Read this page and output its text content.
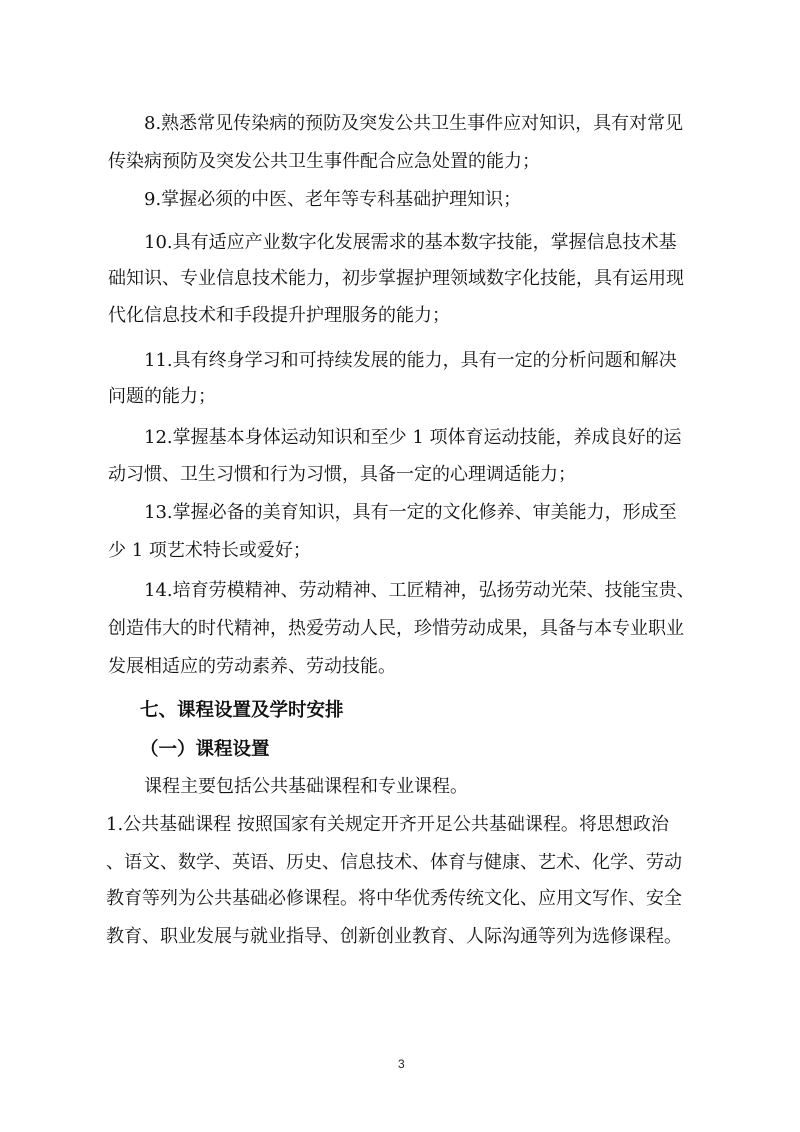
8.熟悉常见传染病的预防及突发公共卫生事件应对知识，具有对常见
传染病预防及突发公共卫生事件配合应急处置的能力；
9.掌握必须的中医、老年等专科基础护理知识；
10.具有适应产业数字化发展需求的基本数字技能，掌握信息技术基
础知识、专业信息技术能力，初步掌握护理领域数字化技能，具有运用现
代化信息技术和手段提升护理服务的能力；
11.具有终身学习和可持续发展的能力，具有一定的分析问题和解决
问题的能力；
12.掌握基本身体运动知识和至少 1 项体育运动技能，养成良好的运
动习惯、卫生习惯和行为习惯，具备一定的心理调适能力；
13.掌握必备的美育知识，具有一定的文化修养、审美能力，形成至
少 1 项艺术特长或爱好；
14.培育劳模精神、劳动精神、工匠精神，弘扬劳动光荣、技能宝贵、
创造伟大的时代精神，热爱劳动人民，珍惜劳动成果，具备与本专业职业
发展相适应的劳动素养、劳动技能。
七、课程设置及学时安排
（一）课程设置
课程主要包括公共基础课程和专业课程。
1.公共基础课程 按照国家有关规定开齐开足公共基础课程。将思想政治
、语文、数学、英语、历史、信息技术、体育与健康、艺术、化学、劳动
教育等列为公共基础必修课程。将中华优秀传统文化、应用文写作、安全
教育、职业发展与就业指导、创新创业教育、人际沟通等列为选修课程。
3
